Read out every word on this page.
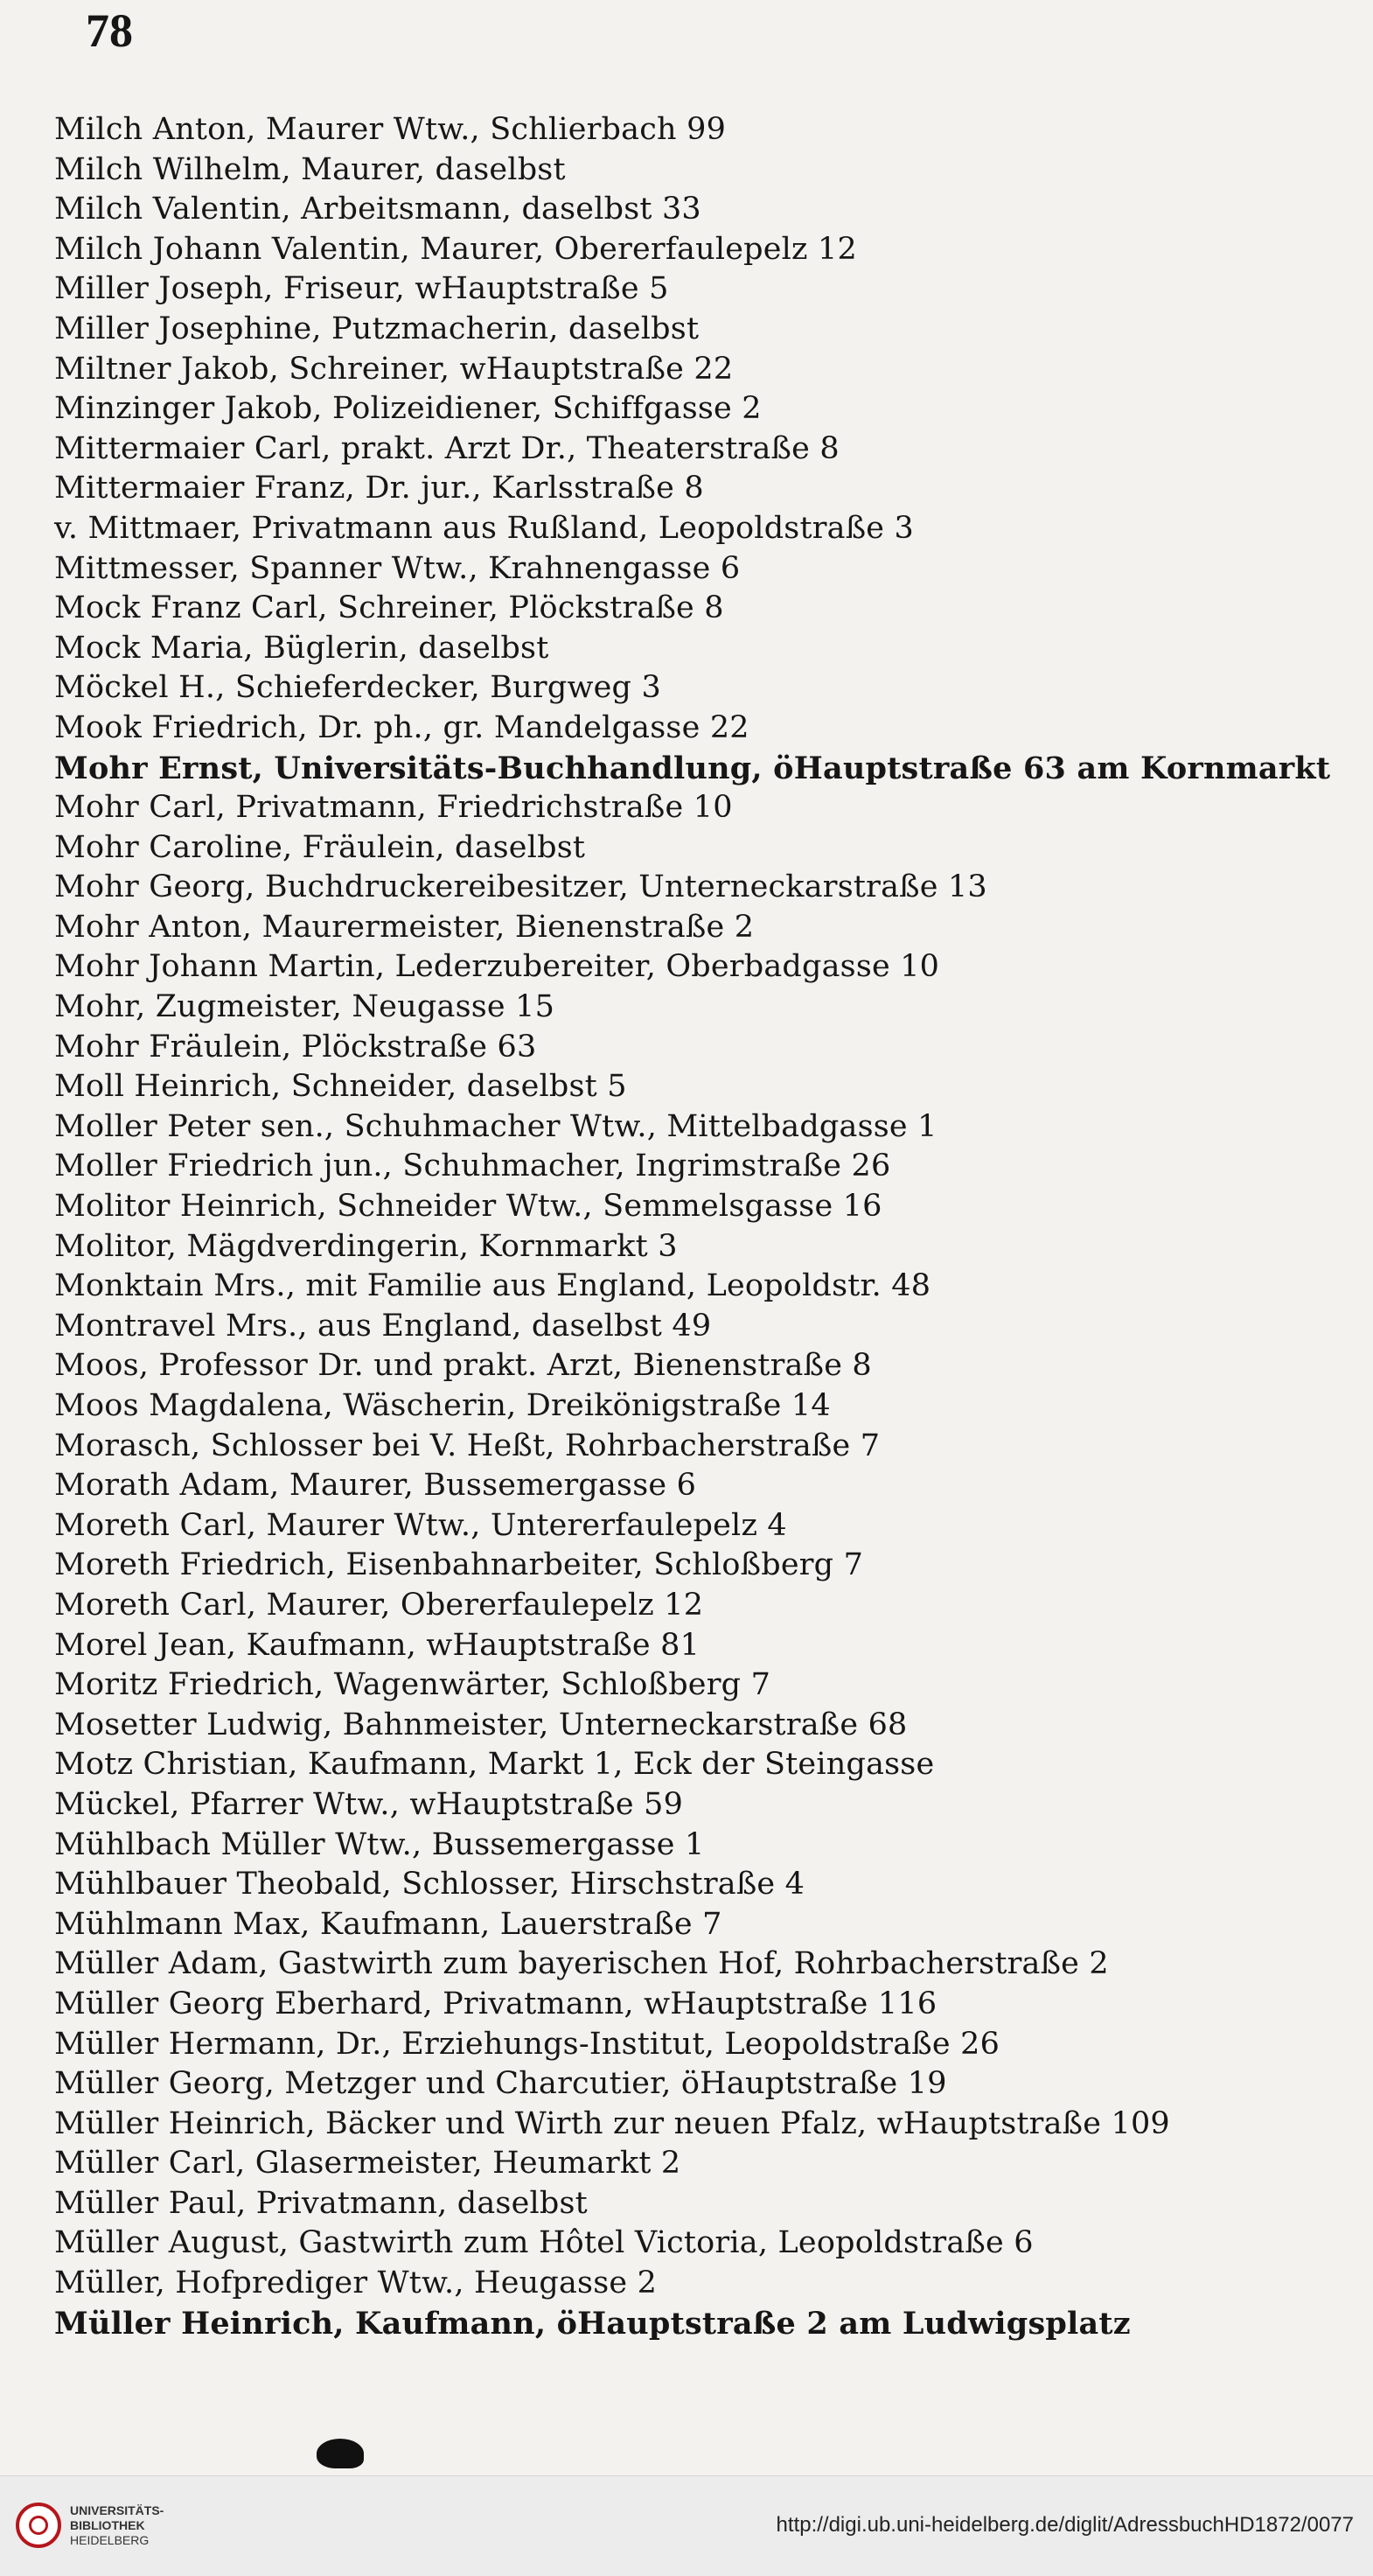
78
Milch Anton, Maurer Wtw., Schlierbach 99
Milch Wilhelm, Maurer, daselbst
Milch Valentin, Arbeitsmann, daselbst 33
Milch Johann Valentin, Maurer, Obererfaulepelz 12
Miller Joseph, Friseur, wHauptstraße 5
Miller Josephine, Putzmacherin, daselbst
Miltner Jakob, Schreiner, wHauptstraße 22
Minzinger Jakob, Polizeidiener, Schiffgasse 2
Mittermaier Carl, prakt. Arzt Dr., Theaterstraße 8
Mittermaier Franz, Dr. jur., Karlsstraße 8
v. Mittmaer, Privatmann aus Rußland, Leopoldstraße 3
Mittmesser, Spanner Wtw., Krahnengasse 6
Mock Franz Carl, Schreiner, Plöckstraße 8
Mock Maria, Büglerin, daselbst
Möckel H., Schieferdecker, Burgweg 3
Mook Friedrich, Dr. ph., gr. Mandelgasse 22
Mohr Ernst, Universitäts-Buchhandlung, öHauptstraße 63 am Kornmarkt
Mohr Carl, Privatmann, Friedrichstraße 10
Mohr Caroline, Fräulein, daselbst
Mohr Georg, Buchdruckereibesitzer, Unterneckarstraße 13
Mohr Anton, Maurermeister, Bienenstraße 2
Mohr Johann Martin, Lederzubereiter, Oberbadgasse 10
Mohr, Zugmeister, Neugasse 15
Mohr Fräulein, Plöckstraße 63
Moll Heinrich, Schneider, daselbst 5
Moller Peter sen., Schuhmacher Wtw., Mittelbadgasse 1
Moller Friedrich jun., Schuhmacher, Ingrimstraße 26
Molitor Heinrich, Schneider Wtw., Semmelsgasse 16
Molitor, Mägdverdingerin, Kornmarkt 3
Monktain Mrs., mit Familie aus England, Leopoldstr. 48
Montravel Mrs., aus England, daselbst 49
Moos, Professor Dr. und prakt. Arzt, Bienenstraße 8
Moos Magdalena, Wäscherin, Dreikönigstraße 14
Morasch, Schlosser bei V. Heßt, Rohrbacherstraße 7
Morath Adam, Maurer, Bussemergasse 6
Moreth Carl, Maurer Wtw., Untererfaulepelz 4
Moreth Friedrich, Eisenbahnarbeiter, Schloßberg 7
Moreth Carl, Maurer, Obererfaulepelz 12
Morel Jean, Kaufmann, wHauptstraße 81
Moritz Friedrich, Wagenwärter, Schloßberg 7
Mosetter Ludwig, Bahnmeister, Unterneckarstraße 68
Motz Christian, Kaufmann, Markt 1, Eck der Steingasse
Mückel, Pfarrer Wtw., wHauptstraße 59
Mühlbach Müller Wtw., Bussemergasse 1
Mühlbauer Theobald, Schlosser, Hirschstraße 4
Mühlmann Max, Kaufmann, Lauerstraße 7
Müller Adam, Gastwirth zum bayerischen Hof, Rohrbacherstraße 2
Müller Georg Eberhard, Privatmann, wHauptstraße 116
Müller Hermann, Dr., Erziehungs-Institut, Leopoldstraße 26
Müller Georg, Metzger und Charcutier, öHauptstraße 19
Müller Heinrich, Bäcker und Wirth zur neuen Pfalz, wHauptstraße 109
Müller Carl, Glasermeister, Heumarkt 2
Müller Paul, Privatmann, daselbst
Müller August, Gastwirth zum Hôtel Victoria, Leopoldstraße 6
Müller, Hofprediger Wtw., Heugasse 2
Müller Heinrich, Kaufmann, öHauptstraße 2 am Ludwigsplatz
UNIVERSITÄTS-
BIBLIOTHEK
HEIDELBERG
http://digi.ub.uni-heidelberg.de/diglit/AdressbuchHD1872/0077
